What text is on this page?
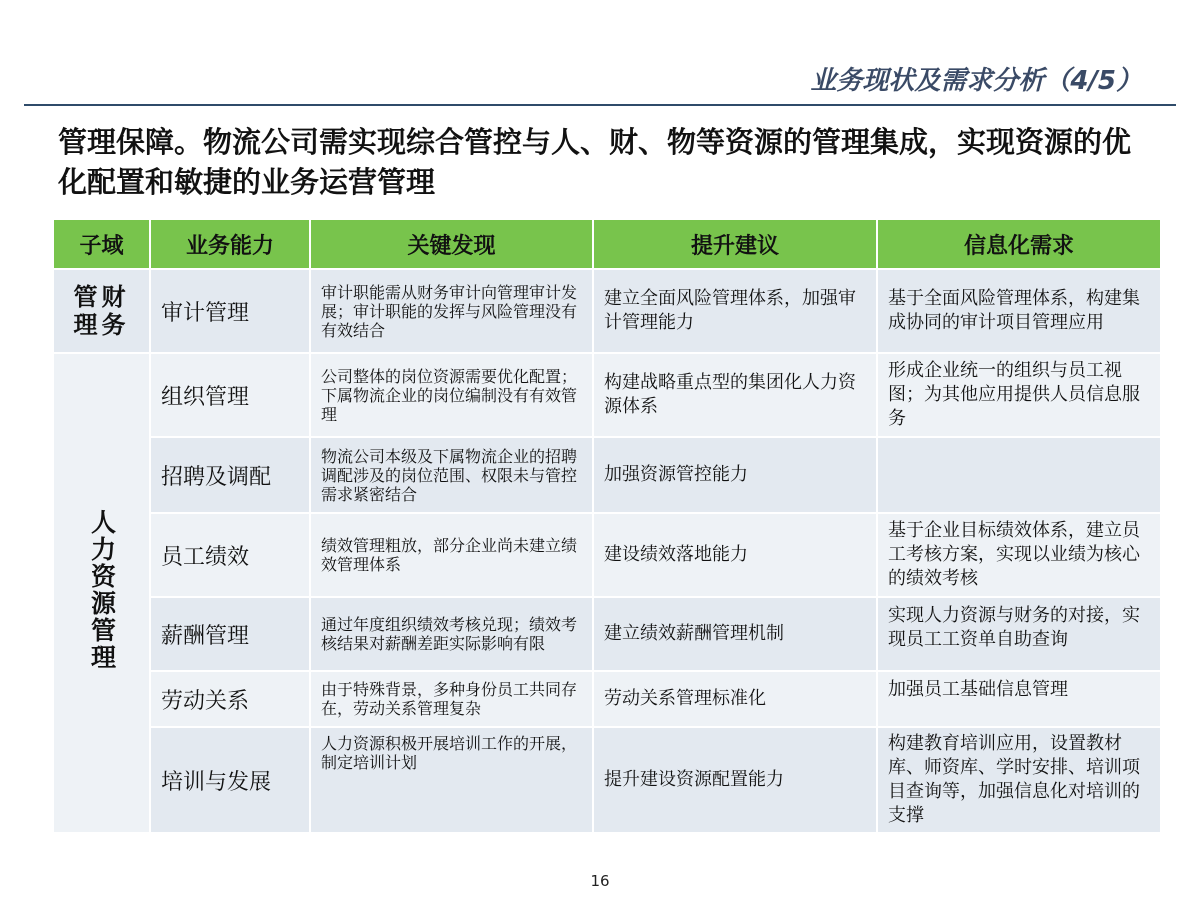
业务现状及需求分析（4/5）
管理保障。物流公司需实现综合管控与人、财、物等资源的管理集成，实现资源的优化配置和敏捷的业务运营管理
子域	业务能力	关键发现	提升建议	信息化需求

管财理务	审计管理	审计职能需从财务审计向管理审计发展；审计职能的发挥与风险管理没有有效结合	建立全面风险管理体系，加强审计管理能力	基于全面风险管理体系，构建集成协同的审计项目管理应用
人力资源管理	组织管理	公司整体的岗位资源需要优化配置；下属物流企业的岗位编制没有有效管理	构建战略重点型的集团化人力资源体系	形成企业统一的组织与员工视图；为其他应用提供人员信息服务
	招聘及调配	物流公司本级及下属物流企业的招聘调配涉及的岗位范围、权限未与管控需求紧密结合	加强资源管控能力	
	员工绩效	绩效管理粗放，部分企业尚未建立绩效管理体系	建设绩效落地能力	基于企业目标绩效体系，建立员工考核方案，实现以业绩为核心的绩效考核
	薪酬管理	通过年度组织绩效考核兑现；绩效考核结果对薪酬差距实际影响有限	建立绩效薪酬管理机制	实现人力资源与财务的对接，实现员工工资单自助查询
	劳动关系	由于特殊背景，多种身份员工共同存在，劳动关系管理复杂	劳动关系管理标准化	加强员工基础信息管理
	培训与发展	人力资源积极开展培训工作的开展，制定培训计划	提升建设资源配置能力	构建教育培训应用，设置教材库、师资库、学时安排、培训项目查询等，加强信息化对培训的支撑
16
